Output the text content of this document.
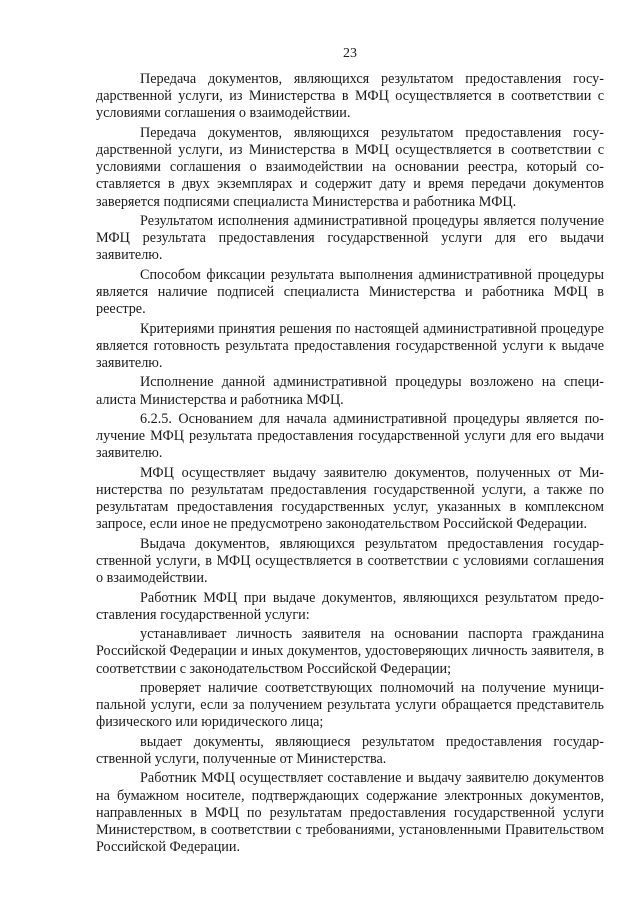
23

Передача документов, являющихся результатом предоставления государственной услуги, из Министерства в МФЦ осуществляется в соответствии с условиями соглашения о взаимодействии.

Передача документов, являющихся результатом предоставления государственной услуги, из Министерства в МФЦ осуществляется в соответствии с условиями соглашения о взаимодействии на основании реестра, который составляется в двух экземплярах и содержит дату и время передачи документов заверяется подписями специалиста Министерства и работника МФЦ.

Результатом исполнения административной процедуры является получение МФЦ результата предоставления государственной услуги для его выдачи заявителю.

Способом фиксации результата выполнения административной процедуры является наличие подписей специалиста Министерства и работника МФЦ в реестре.

Критериями принятия решения по настоящей административной процедуре является готовность результата предоставления государственной услуги к выдаче заявителю.

Исполнение данной административной процедуры возложено на специалиста Министерства и работника МФЦ.

6.2.5. Основанием для начала административной процедуры является получение МФЦ результата предоставления государственной услуги для его выдачи заявителю.

МФЦ осуществляет выдачу заявителю документов, полученных от Министерства по результатам предоставления государственной услуги, а также по результатам предоставления государственных услуг, указанных в комплексном запросе, если иное не предусмотрено законодательством Российской Федерации.

Выдача документов, являющихся результатом предоставления государственной услуги, в МФЦ осуществляется в соответствии с условиями соглашения о взаимодействии.

Работник МФЦ при выдаче документов, являющихся результатом предоставления государственной услуги:

устанавливает личность заявителя на основании паспорта гражданина Российской Федерации и иных документов, удостоверяющих личность заявителя, в соответствии с законодательством Российской Федерации;

проверяет наличие соответствующих полномочий на получение муниципальной услуги, если за получением результата услуги обращается представитель физического или юридического лица;

выдает документы, являющиеся результатом предоставления государственной услуги, полученные от Министерства.

Работник МФЦ осуществляет составление и выдачу заявителю документов на бумажном носителе, подтверждающих содержание электронных документов, направленных в МФЦ по результатам предоставления государственной услуги Министерством, в соответствии с требованиями, установленными Правительством Российской Федерации.
